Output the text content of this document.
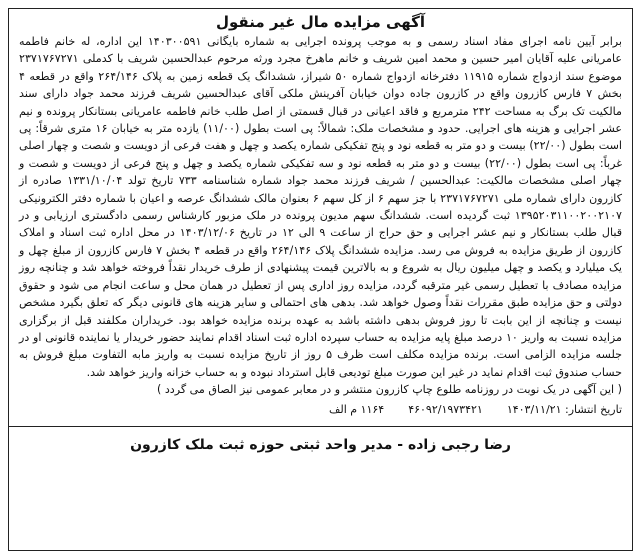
آگهی مزایده مال غیر منقول
برابر آیین نامه اجرای مفاد اسناد رسمی و به موجب پرونده اجرایی به شماره بایگانی ۱۴۰۳۰۰۵۹۱ این اداره، له خانم فاطمه عامریانی علیه آقایان امیر حسین و محمد امین شریف و خانم ماهرخ مجرد ورثه مرحوم عبدالحسین شریف با کدملی ۲۳۷۱۷۶۷۲۷۱ موضوع سند ازدواج شماره ۱۱۹۱۵ دفترخانه ازدواج شماره ۵۰ شیراز، ششدانگ یک قطعه زمین به پلاک ۲۶۴/۱۴۶ واقع در قطعه ۴ بخش ۷ فارس کازرون واقع در کازرون جاده دوان خیابان آفرینش ملکی آقای عبدالحسین شریف فرزند محمد جواد دارای سند مالکیت تک برگ به مساحت ۲۴۲ مترمربع و فاقد اعیانی در قبال قسمتی از اصل طلب خانم فاطمه عامریانی بستانکار پرونده و نیم عشر اجرایی و هزینه های اجرایی. حدود و مشخصات ملک: شمالاً: پی است بطول (۱۱/۰۰) یازده متر به خیابان ۱۶ متری شرقاً: پی است بطول (۲۲/۰۰) بیست و دو متر به قطعه نود و پنج تفکیکی شماره یکصد و چهل و هفت فرعی از دویست و شصت و چهار اصلی غرباً: پی است بطول (۲۲/۰۰) بیست و دو متر به قطعه نود و سه تفکیکی شماره یکصد و چهل و پنج فرعی از دویست و شصت و چهار اصلی مشخصات مالکیت: عبدالحسین / شریف فرزند محمد جواد شماره شناسنامه ۷۳۳ تاریخ تولد ۱۳۳۱/۱۰/۰۴ صادره از کازرون دارای شماره ملی ۲۳۷۱۷۶۷۲۷۱ با جز سهم ۶ از کل سهم ۶ بعنوان مالک ششدانگ عرصه و اعیان با شماره دفتر الکترونیکی ۱۳۹۵۲۰۳۱۱۰۰۲۰۰۲۱۰۷ ثبت گردیده است. ششدانگ سهم مدیون پرونده در ملک مزبور کارشناس رسمی دادگستری ارزیابی و در قبال طلب بستانکار و نیم عشر اجرایی و حق حراج از ساعت ۹ الی ۱۲ در تاریخ ۱۴۰۳/۱۲/۰۶ در محل اداره ثبت اسناد و املاک کازرون از طریق مزایده به فروش می رسد. مزایده ششدانگ پلاک ۲۶۴/۱۴۶ واقع در قطعه ۴ بخش ۷ فارس کازرون از مبلغ چهل و یک میلیارد و یکصد و چهل میلیون ریال به شروع و به بالاترین قیمت پیشنهادی از طرف خریدار نقداً فروخته خواهد شد و چنانچه روز مزایده مصادف با تعطیل رسمی غیر مترقبه گردد، مزایده روز اداری پس از تعطیل در همان محل و ساعت انجام می شود و حقوق دولتی و حق مزایده طبق مقررات نقداً وصول خواهد شد. بدهی های احتمالی و سایر هزینه های قانونی دیگر که تعلق بگیرد مشخص نیست و چنانچه از این بابت تا روز فروش بدهی داشته باشد به عهده برنده مزایده خواهد بود. خریداران مکلفند قبل از برگزاری مزایده نسبت به واریز ۱۰ درصد مبلغ پایه مزایده به حساب سپرده اداره ثبت اسناد اقدام نمایند حضور خریدار یا نماینده قانونی او در جلسه مزایده الزامی است. برنده مزایده مکلف است ظرف ۵ روز از تاریخ مزایده نسبت به واریز مابه التفاوت مبلغ فروش به حساب صندوق ثبت اقدام نماید در غیر این صورت مبلغ تودیعی قابل استرداد نبوده و به حساب خزانه واریز خواهد شد.
( این آگهی در یک نوبت در روزنامه طلوع چاپ کازرون منتشر و در معابر عمومی نیز الصاق می گردد )
تاریخ انتشار: ۱۴۰۳/۱۱/۲۱
۴۶۰۹۲/۱۹۷۳۴۲۱
۱۱۶۴ م الف
رضا رجبی زاده - مدیر واحد ثبتی حوزه ثبت ملک کازرون
